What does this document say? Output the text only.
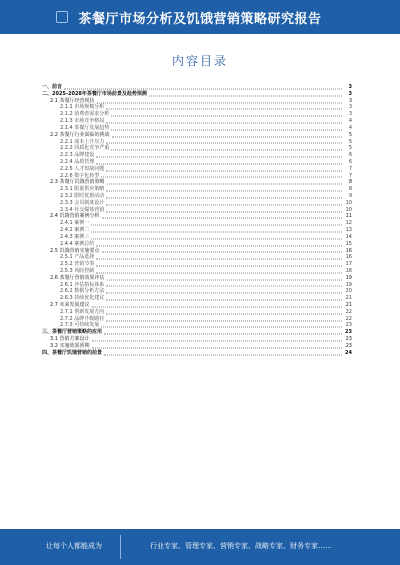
茶餐厅市场分析及饥饿营销策略研究报告
内容目录
一、前言	3
二、2025-2028年茶餐厅市场前景及趋势预测	3
2.1 茶餐厅经营现状	3
2.1.1 市场规模分析	3
2.1.2 消费者需求分析	3
2.1.3 市场竞争格局	4
2.1.4 茶餐厅发展趋势	4
2.2 茶餐厅行业面临的挑战	5
2.2.1 成本上升压力	5
2.2.2 同质化竞争严重	5
2.2.3 品牌建设	6
2.2.4 品质管理	6
2.2.5 人才短缺问题	7
2.2.6 数字化转型	7
2.3 茶餐厅饥饿营销策略	8
2.3.1 限量供应策略	8
2.3.2 限时优惠活动	9
2.3.3 会员制度设计	10
2.3.4 社交媒体营销	10
2.4 饥饿营销案例分析	11
2.4.1 案例一	12
2.4.2 案例二	13
2.4.3 案例三	14
2.4.4 案例总结	15
2.5 饥饿营销实施要点	16
2.5.1 产品选择	16
2.5.2 营销节奏	17
2.5.3 风险控制	18
2.6 茶餐厅营销效果评估	19
2.6.1 评估指标体系	19
2.6.2 数据分析方法	20
2.6.3 持续优化建议	21
2.7 未来发展建议	21
2.7.1 创新发展方向	22
2.7.2 品牌升级路径	22
2.7.3 可持续发展	23
三、茶餐厅营销策略的应用	23
3.1 营销方案设计	23
3.2 实施效果预期	23
四、茶餐厅饥饿营销的前景	24
让每个人都能成为	行业专家、管理专家、营销专家、战略专家、财务专家……
